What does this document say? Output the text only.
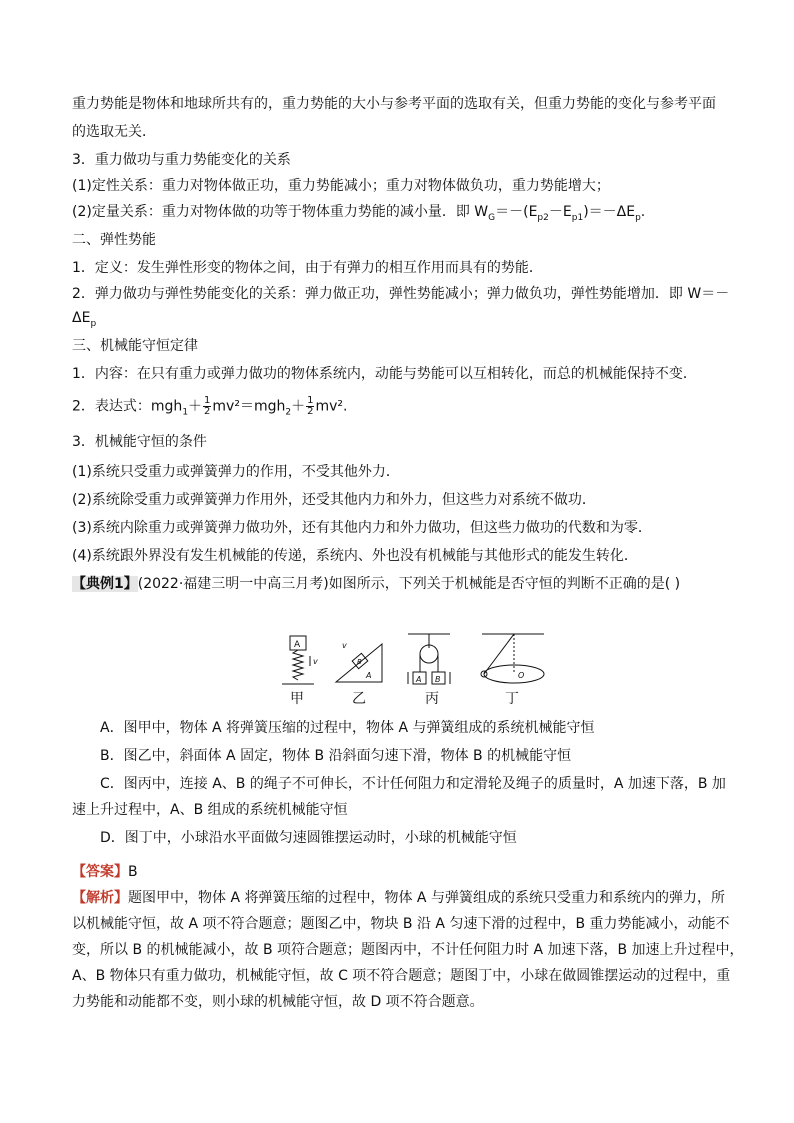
重力势能是物体和地球所共有的，重力势能的大小与参考平面的选取有关，但重力势能的变化与参考平面
的选取无关．
3．重力做功与重力势能变化的关系
(1)定性关系：重力对物体做正功，重力势能减小；重力对物体做负功，重力势能增大；
(2)定量关系：重力对物体做的功等于物体重力势能的减小量．即 $W_G=-(E_{p2}-E_{p1})=-\Delta E_p$.
二、弹性势能
1．定义：发生弹性形变的物体之间，由于有弹力的相互作用而具有的势能．
2．弹力做功与弹性势能变化的关系：弹力做正功，弹性势能减小；弹力做负功，弹性势能增加．即 W＝－
$\Delta E_p$
三、机械能守恒定律
1．内容：在只有重力或弹力做功的物体系统内，动能与势能可以互相转化，而总的机械能保持不变．
2．表达式：$mgh_1+ \frac{1}{2} mv^2=mgh_2+ \frac{1}{2} mv^2$.
3．机械能守恒的条件
(1)系统只受重力或弹簧弹力的作用，不受其他外力．
(2)系统除受重力或弹簧弹力作用外，还受其他内力和外力，但这些力对系统不做功．
(3)系统内除重力或弹簧弹力做功外，还有其他内力和外力做功，但这些力做功的代数和为零．
(4)系统跟外界没有发生机械能的传递，系统内、外也没有机械能与其他形式的能发生转化．
【典例1】(2022·福建三明一中高三月考)如图所示，下列关于机械能是否守恒的判断不正确的是( )
A
v
A
B
v
A B	O
甲	乙	丙	丁
A．图甲中，物体 A 将弹簧压缩的过程中，物体 A 与弹簧组成的系统机械能守恒
B．图乙中，斜面体 A 固定，物体 B 沿斜面匀速下滑，物体 B 的机械能守恒
C．图丙中，连接 A、B 的绳子不可伸长，不计任何阻力和定滑轮及绳子的质量时，A 加速下落，B 加
速上升过程中，A、B 组成的系统机械能守恒
D．图丁中，小球沿水平面做匀速圆锥摆运动时，小球的机械能守恒
【答案】B
【解析】题图甲中，物体 A 将弹簧压缩的过程中，物体 A 与弹簧组成的系统只受重力和系统内的弹力，所
以机械能守恒，故 A 项不符合题意；题图乙中，物块 B 沿 A 匀速下滑的过程中，B 重力势能减小，动能不
变，所以 B 的机械能减小，故 B 项符合题意；题图丙中，不计任何阻力时 A 加速下落，B 加速上升过程中，
A、B 物体只有重力做功，机械能守恒，故 C 项不符合题意；题图丁中，小球在做圆锥摆运动的过程中，重
力势能和动能都不变，则小球的机械能守恒，故 D 项不符合题意。
